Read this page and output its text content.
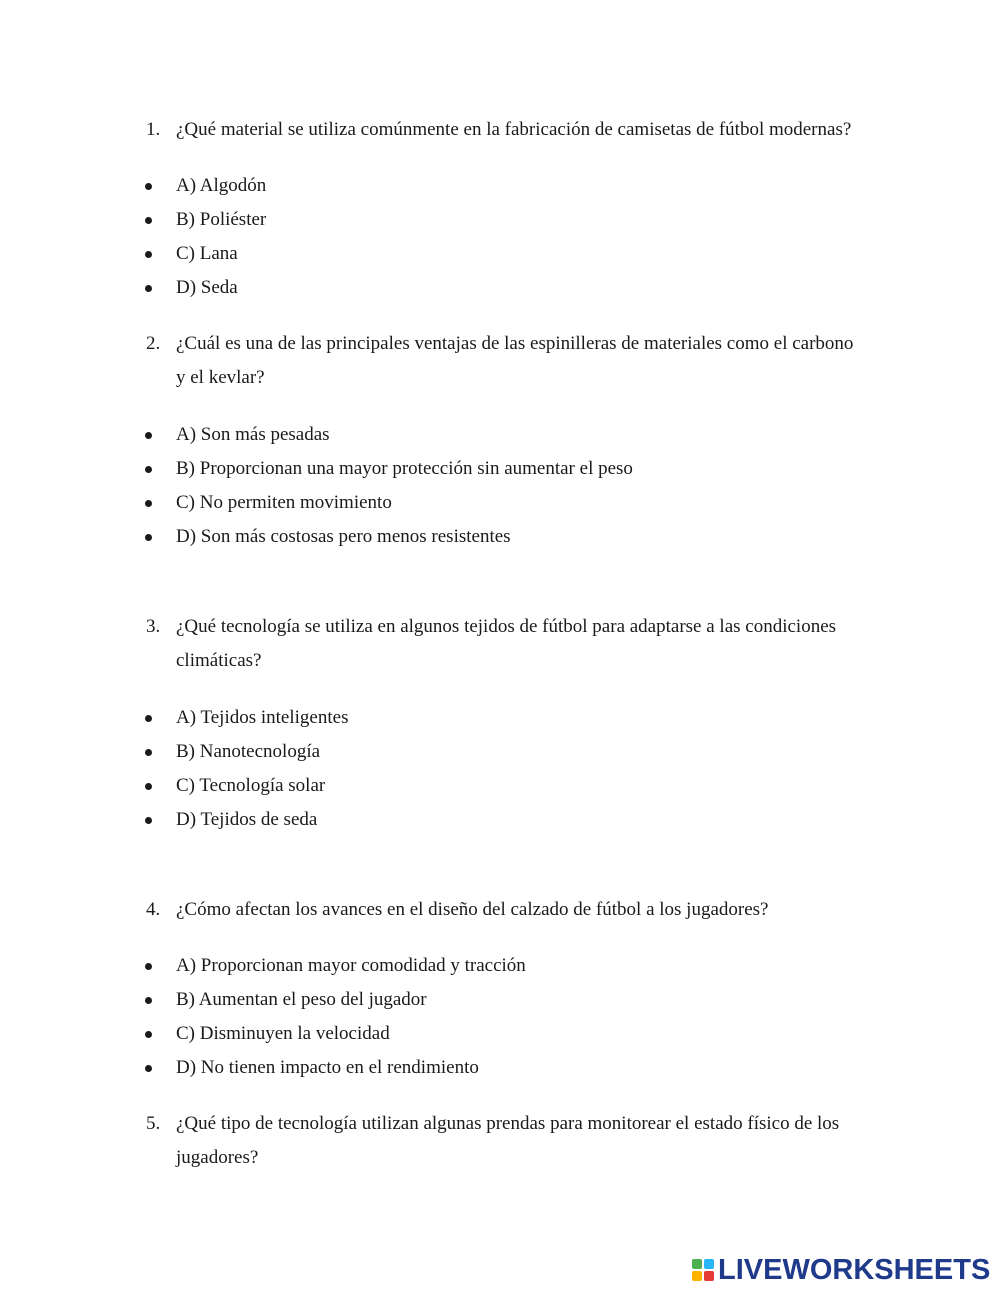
1. ¿Qué material se utiliza comúnmente en la fabricación de camisetas de fútbol modernas?
A) Algodón
B) Poliéster
C) Lana
D) Seda
2. ¿Cuál es una de las principales ventajas de las espinilleras de materiales como el carbono
y el kevlar?
A) Son más pesadas
B) Proporcionan una mayor protección sin aumentar el peso
C) No permiten movimiento
D) Son más costosas pero menos resistentes
3. ¿Qué tecnología se utiliza en algunos tejidos de fútbol para adaptarse a las condiciones
climáticas?
A) Tejidos inteligentes
B) Nanotecnología
C) Tecnología solar
D) Tejidos de seda
4. ¿Cómo afectan los avances en el diseño del calzado de fútbol a los jugadores?
A) Proporcionan mayor comodidad y tracción
B) Aumentan el peso del jugador
C) Disminuyen la velocidad
D) No tienen impacto en el rendimiento
5. ¿Qué tipo de tecnología utilizan algunas prendas para monitorear el estado físico de los
jugadores?
LIVEWORKSHEETS
